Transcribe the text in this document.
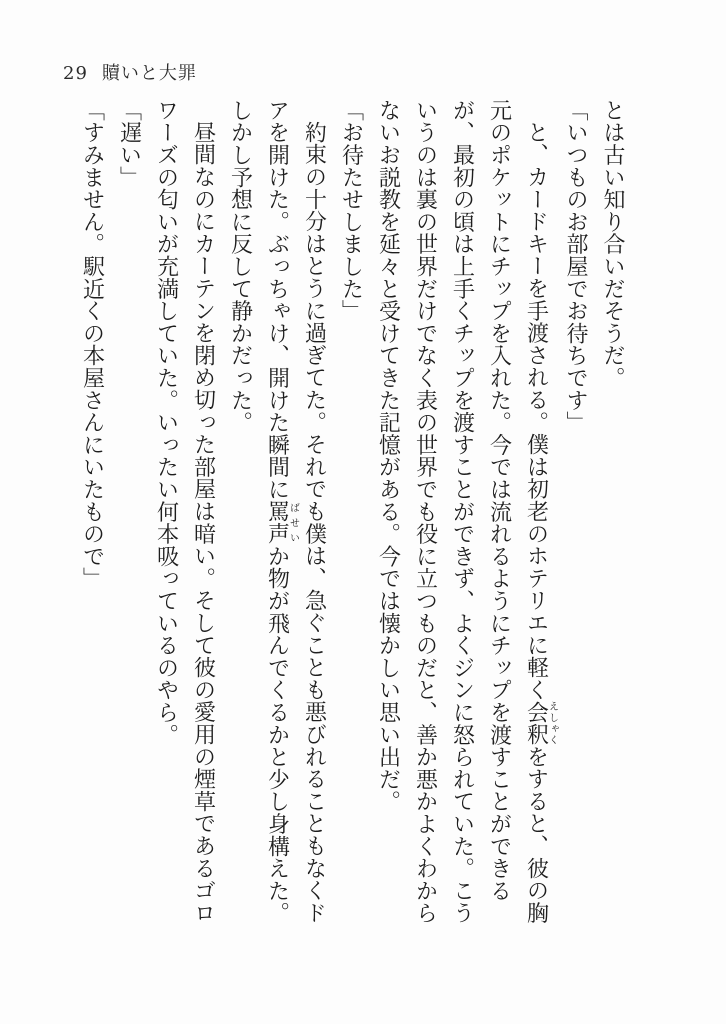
29 贖いと大罪

とは古い知り合いだそうだ。

「いつものお部屋でお待ちです」

と、カードキーを手渡される。僕は初老のホテリエに軽く会釈えしゃくをすると、彼の胸元のポケットにチップを入れた。今では流れるようにチップを渡すことができるが、最初の頃は上手くチップを渡すことができず、よくジンに怒られていた。こういうのは裏の世界だけでなく表の世界でも役に立つものだと、善か悪かよくわからないお説教を延々と受けてきた記憶がある。今では懐かしい思い出だ。

「お待たせしました」

約束の十分はとうに過ぎてた。それでも僕は、急ぐことも悪びれることもなくドアを開けた。ぶっちゃけ、開けた瞬間に罵声ばせいか物が飛んでくるかと少し身構えた。しかし予想に反して静かだった。

昼間なのにカーテンを閉め切った部屋は暗い。そして彼の愛用の煙草であるゴロワーズの匂いが充満していた。いったい何本吸っているのやら。

「遅い」

「すみません。駅近くの本屋さんにいたもので」
